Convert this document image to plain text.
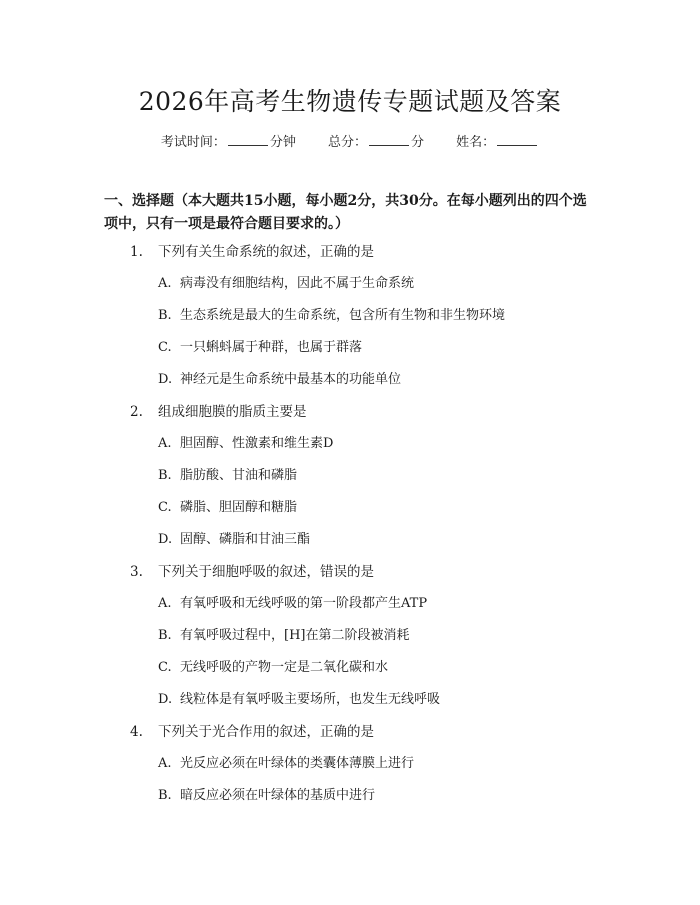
2026年高考生物遗传专题试题及答案
考试时间：	分钟 总分：	分 姓名：
一、选择题（本大题共15小题，每小题2分，共30分。在每小题列出的四个选项中，只有一项是最符合题目要求的。）
1.	下列有关生命系统的叙述，正确的是
A. 病毒没有细胞结构，因此不属于生命系统
B. 生态系统是最大的生命系统，包含所有生物和非生物环境
C. 一只蝌蚪属于种群，也属于群落
D. 神经元是生命系统中最基本的功能单位
2.	组成细胞膜的脂质主要是
A. 胆固醇、性激素和维生素D
B. 脂肪酸、甘油和磷脂
C. 磷脂、胆固醇和糖脂
D. 固醇、磷脂和甘油三酯
3.	下列关于细胞呼吸的叙述，错误的是
A. 有氧呼吸和无线呼吸的第一阶段都产生ATP
B. 有氧呼吸过程中，[H]在第二阶段被消耗
C. 无线呼吸的产物一定是二氧化碳和水
D. 线粒体是有氧呼吸主要场所，也发生无线呼吸
4.	下列关于光合作用的叙述，正确的是
A. 光反应必须在叶绿体的类囊体薄膜上进行
B. 暗反应必须在叶绿体的基质中进行
